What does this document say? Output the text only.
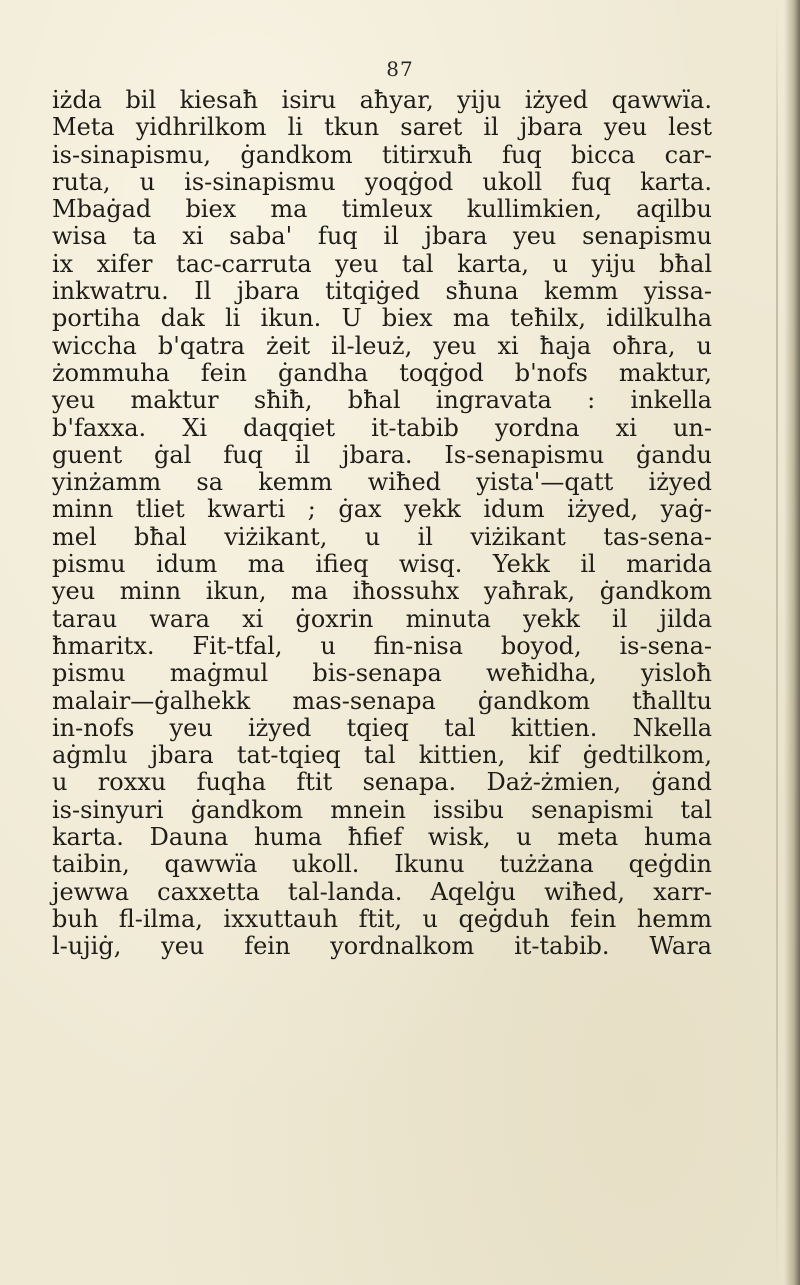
87
iżda bil kiesaħ isiru aħyar, yiju iżyed qawwïa.
Meta yidhrilkom li tkun saret il jbara yeu lest
is-sinapismu, ġandkom titirxuħ fuq bicca car-
ruta, u is-sinapismu yoqġod ukoll fuq karta.
Mbaġad biex ma timleux kullimkien, aqilbu
wisa ta xi saba' fuq il jbara yeu senapismu
ix xifer tac-carruta yeu tal karta, u yiju bħal
inkwatru. Il jbara titqiġed sħuna kemm yissa-
portiha dak li ikun. U biex ma teħilx, idilkulha
wiccha b'qatra żeit il-leuż, yeu xi ħaja oħra, u
żommuha fein ġandha toqġod b'nofs maktur,
yeu maktur sħiħ, bħal ingravata : inkella
b'faxxa. Xi daqqiet it-tabib yordna xi un-
guent ġal fuq il jbara. Is-senapismu ġandu
yinżamm sa kemm wiħed yista'—qatt iżyed
minn tliet kwarti ; ġax yekk idum iżyed, yaġ-
mel bħal viżikant, u il viżikant tas-sena-
pismu idum ma ifieq wisq. Yekk il marida
yeu minn ikun, ma iħossuhx yaħrak, ġandkom
tarau wara xi ġoxrin minuta yekk il jilda
ħmaritx. Fit-tfal, u fin-nisa boyod, is-sena-
pismu maġmul bis-senapa weħidha, yisloħ
malair—ġalhekk mas-senapa ġandkom tħalltu
in-nofs yeu iżyed tqieq tal kittien. Nkella
aġmlu jbara tat-tqieq tal kittien, kif ġedtilkom,
u roxxu fuqha ftit senapa. Daż-żmien, ġand
is-sinyuri ġandkom mnein issibu senapismi tal
karta. Dauna huma ħfief wisk, u meta huma
taibin, qawwïa ukoll. Ikunu tużżana qeġdin
jewwa caxxetta tal-landa. Aqelġu wiħed, xarr-
buh fl-ilma, ixxuttauh ftit, u qeġduh fein hemm
l-ujiġ, yeu fein yordnalkom it-tabib. Wara
